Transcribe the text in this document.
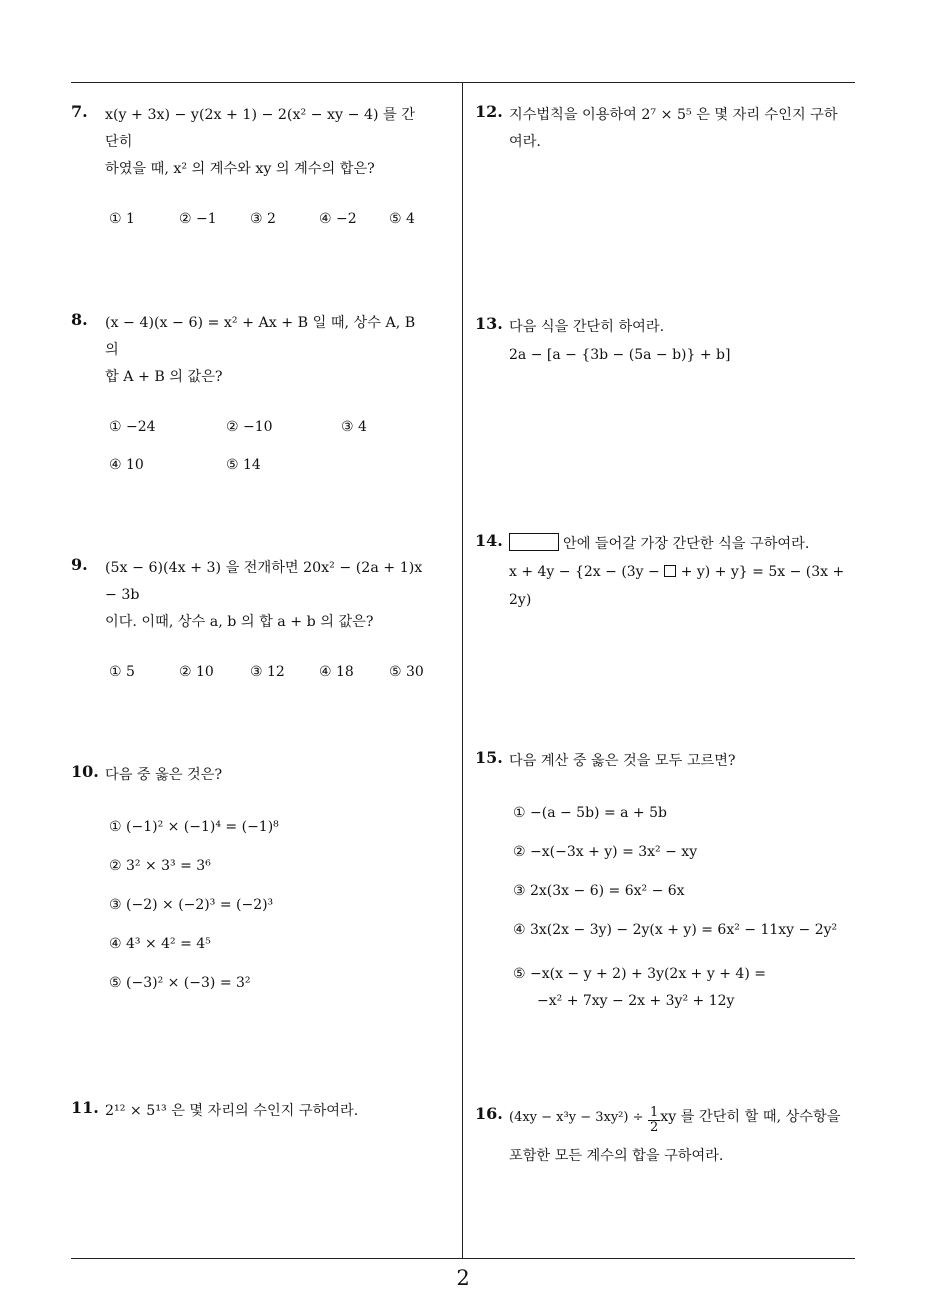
7. x(y + 3x) − y(2x + 1) − 2(x² − xy − 4) 를 간단히
하였을 때, x² 의 계수와 xy 의 계수의 합은?
① 1	② −1 ③ 2	④ −2 ⑤ 4
8. (x − 4)(x − 6) = x² + Ax + B 일 때, 상수 A, B 의
합 A + B 의 값은?
① −24	② −10	③ 4
④ 10	⑤ 14
9. (5x − 6)(4x + 3) 을 전개하면 20x² − (2a + 1)x − 3b
이다. 이때, 상수 a, b 의 합 a + b 의 값은?
① 5	② 10	③ 12 ④ 18	⑤ 30
10. 다음 중 옳은 것은?
① (−1)² × (−1)⁴ = (−1)⁸
② 3² × 3³ = 3⁶
③ (−2) × (−2)³ = (−2)³
④ 4³ × 4² = 4⁵
⑤ (−3)² × (−3) = 3²
11. 2¹² × 5¹³ 은 몇 자리의 수인지 구하여라.
12. 지수법칙을 이용하여 2⁷ × 5⁵ 은 몇 자리 수인지 구하
여라.
13. 다음 식을 간단히 하여라.
2a − [a − {3b − (5a − b)} + b]
14.	안에 들어갈 가장 간단한 식을 구하여라.
x + 4y − {2x − (3y − + y) + y} = 5x − (3x + 2y)
15. 다음 계산 중 옳은 것을 모두 고르면?
① −(a − 5b) = a + 5b
② −x(−3x + y) = 3x² − xy
③ 2x(3x − 6) = 6x² − 6x
④ 3x(2x − 3y) − 2y(x + y) = 6x² − 11xy − 2y²
⑤ −x(x − y + 2) + 3y(2x + y + 4) =
−x² + 7xy − 2x + 3y² + 12y
16. $(4xy - x^3y - 3xy^2) \div \frac{1}{2}$ xy 를 간단히 할 때, 상수항을
포함한 모든 계수의 합을 구하여라.
2
